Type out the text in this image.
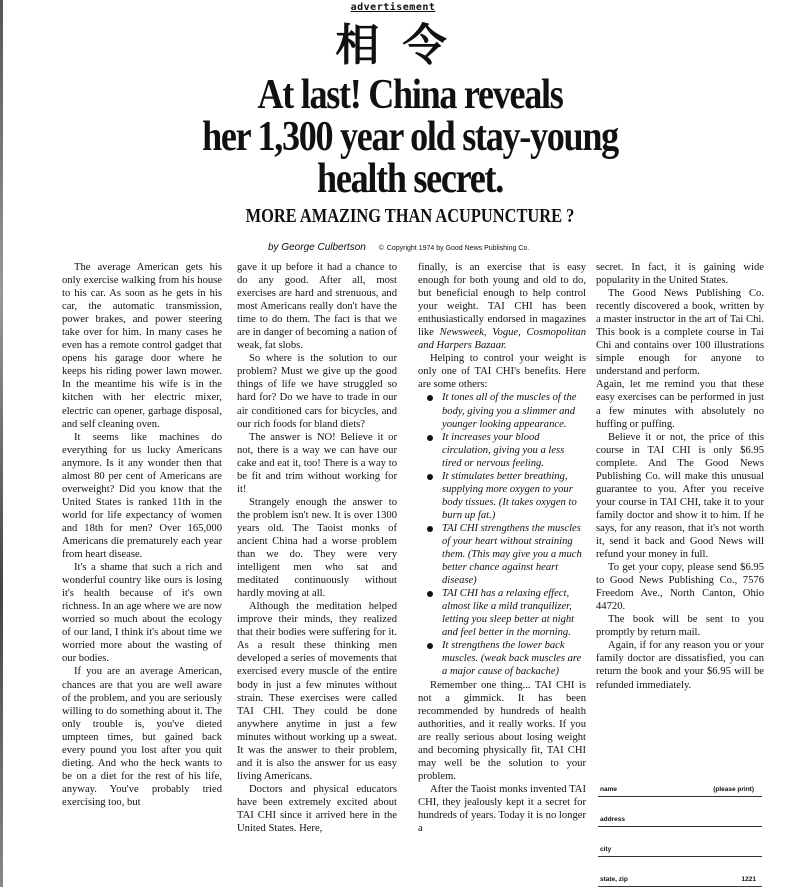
advertisement
相 令
At last! China reveals
her 1,300 year old stay-young
health secret.
MORE AMAZING THAN ACUPUNCTURE ?
by George Culbertson © Copyright 1974 by Good News Publishing Co.

The average American gets his only exercise walking from his house to his car. As soon as he gets in his car, the automatic transmission, power brakes, and power steering take over for him. In many cases he even has a remote control gadget that opens his garage door where he keeps his riding power lawn mower. In the meantime his wife is in the kitchen with her electric mixer, electric can opener, garbage disposal, and self cleaning oven.

It seems like machines do everything for us lucky Americans anymore. Is it any wonder then that almost 80 per cent of Americans are overweight? Did you know that the United States is ranked 11th in the world for life expectancy of women and 18th for men? Over 165,000 Americans die prematurely each year from heart disease.

It's a shame that such a rich and wonderful country like ours is losing it's health because of it's own richness. In an age where we are now worried so much about the ecology of our land, I think it's about time we worried more about the wasting of our bodies.

If you are an average American, chances are that you are well aware of the problem, and you are seriously willing to do something about it. The only trouble is, you've dieted umpteen times, but gained back every pound you lost after you quit dieting. And who the heck wants to be on a diet for the rest of his life, anyway. You've probably tried exercising too, but

gave it up before it had a chance to do any good. After all, most exercises are hard and strenuous, and most Americans really don't have the time to do them. The fact is that we are in danger of becoming a nation of weak, fat slobs.

So where is the solution to our problem? Must we give up the good things of life we have struggled so hard for? Do we have to trade in our air conditioned cars for bicycles, and our rich foods for bland diets?

The answer is NO! Believe it or not, there is a way we can have our cake and eat it, too! There is a way to be fit and trim without working for it!

Strangely enough the answer to the problem isn't new. It is over 1300 years old. The Taoist monks of ancient China had a worse problem than we do. They were very intelligent men who sat and meditated continuously without hardly moving at all.

Although the meditation helped improve their minds, they realized that their bodies were suffering for it. As a result these thinking men developed a series of movements that exercised every muscle of the entire body in just a few minutes without strain. These exercises were called TAI CHI. They could be done anywhere anytime in just a few minutes without working up a sweat. It was the answer to their problem, and it is also the answer for us easy living Americans.

Doctors and physical educators have been extremely excited about TAI CHI since it arrived here in the United States. Here,

finally, is an exercise that is easy enough for both young and old to do, but beneficial enough to help control your weight. TAI CHI has been enthusiastically endorsed in magazines like Newsweek, Vogue, Cosmopolitan and Harpers Bazaar.

Helping to control your weight is only one of TAI CHI's benefits. Here are some others:

It tones all of the muscles of the body, giving you a slimmer and younger looking appearance.
It increases your blood circulation, giving you a less tired or nervous feeling.
It stimulates better breathing, supplying more oxygen to your body tissues. (It takes oxygen to burn up fat.)
TAI CHI strengthens the muscles of your heart without straining them. (This may give you a much better chance against heart disease)
TAI CHI has a relaxing effect, almost like a mild tranquilizer, letting you sleep better at night and feel better in the morning.
It strengthens the lower back muscles. (weak back muscles are a major cause of backache)

Remember one thing... TAI CHI is not a gimmick. It has been recommended by hundreds of health authorities, and it really works. If you are really serious about losing weight and becoming physically fit, TAI CHI may well be the solution to your problem.

After the Taoist monks invented TAI CHI, they jealously kept it a secret for hundreds of years. Today it is no longer a

secret. In fact, it is gaining wide popularity in the United States.

The Good News Publishing Co. recently discovered a book, written by a master instructor in the art of Tai Chi. This book is a complete course in Tai Chi and contains over 100 illustrations simple enough for anyone to understand and perform.

Again, let me remind you that these easy exercises can be performed in just a few minutes with absolutely no huffing or puffing.

Believe it or not, the price of this course in TAI CHI is only $6.95 complete. And The Good News Publishing Co. will make this unusual guarantee to you. After you receive your course in TAI CHI, take it to your family doctor and show it to him. If he says, for any reason, that it's not worth it, send it back and Good News will refund your money in full.

To get your copy, please send $6.95 to Good News Publishing Co., 7576 Freedom Ave., North Canton, Ohio 44720.

The book will be sent to you promptly by return mail.

Again, if for any reason you or your family doctor are dissatisfied, you can return the book and your $6.95 will be refunded immediately.

name	(please print)
address
city
state, zip	1221
